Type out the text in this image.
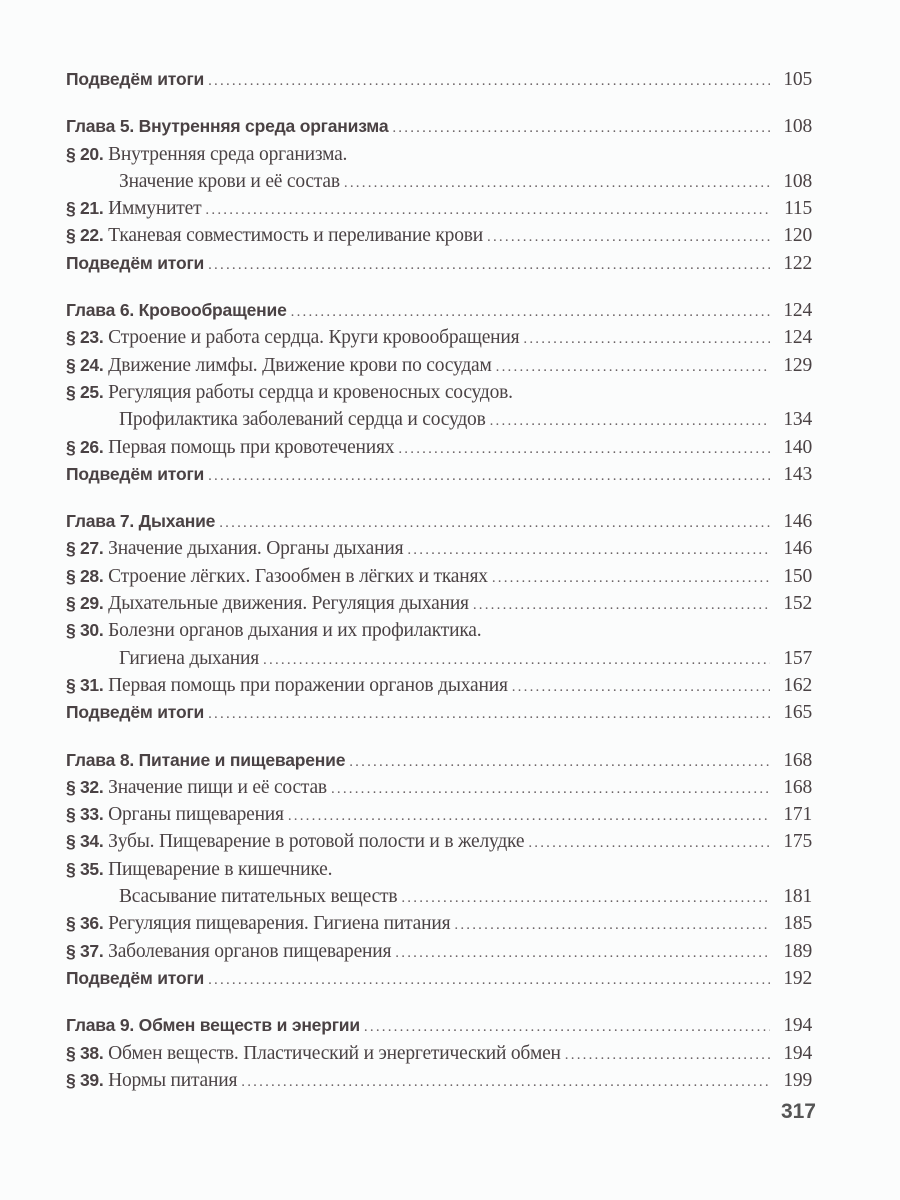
Подведём итоги .....	105
Глава 5. Внутренняя среда организма .....	108
§ 20. Внутренняя среда организма.
Значение крови и её состав .....	108
§ 21. Иммунитет .....	115
§ 22. Тканевая совместимость и переливание крови .....	120
Подведём итоги .....	122
Глава 6. Кровообращение .....	124
§ 23. Строение и работа сердца. Круги кровообращения .....	124
§ 24. Движение лимфы. Движение крови по сосудам .....	129
§ 25. Регуляция работы сердца и кровеносных сосудов.
Профилактика заболеваний сердца и сосудов .....	134
§ 26. Первая помощь при кровотечениях .....	140
Подведём итоги .....	143
Глава 7. Дыхание .....	146
§ 27. Значение дыхания. Органы дыхания .....	146
§ 28. Строение лёгких. Газообмен в лёгких и тканях .....	150
§ 29. Дыхательные движения. Регуляция дыхания .....	152
§ 30. Болезни органов дыхания и их профилактика.
Гигиена дыхания .....	157
§ 31. Первая помощь при поражении органов дыхания .....	162
Подведём итоги .....	165
Глава 8. Питание и пищеварение .....	168
§ 32. Значение пищи и её состав .....	168
§ 33. Органы пищеварения .....	171
§ 34. Зубы. Пищеварение в ротовой полости и в желудке .....	175
§ 35. Пищеварение в кишечнике.
Всасывание питательных веществ .....	181
§ 36. Регуляция пищеварения. Гигиена питания .....	185
§ 37. Заболевания органов пищеварения .....	189
Подведём итоги .....	192
Глава 9. Обмен веществ и энергии .....	194
§ 38. Обмен веществ. Пластический и энергетический обмен .....	194
§ 39. Нормы питания .....	199
317
